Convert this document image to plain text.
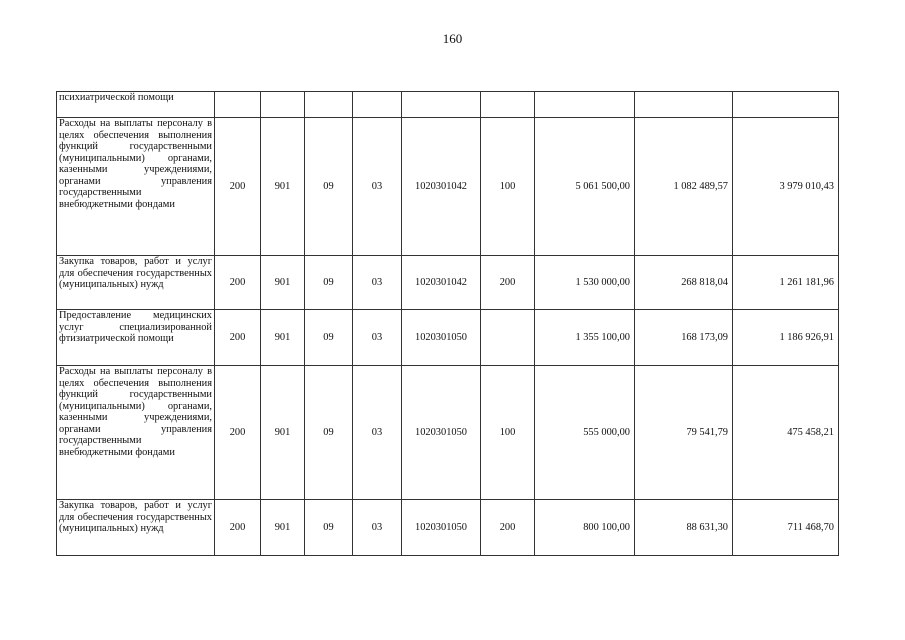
160
психиатрической помощи									
Расходы на выплаты персоналу в целях обеспечения выполнения функций государственными (муниципальными) органами, казенными учреждениями, органами управления государственными внебюджетными фондами	200	901	09	03	1020301042	100	5 061 500,00	1 082 489,57	3 979 010,43
Закупка товаров, работ и услуг для обеспечения государственных (муниципальных) нужд	200	901	09	03	1020301042	200	1 530 000,00	268 818,04	1 261 181,96
Предоставление медицинских услуг специализированной фтизиатрической помощи	200	901	09	03	1020301050		1 355 100,00	168 173,09	1 186 926,91
Расходы на выплаты персоналу в целях обеспечения выполнения функций государственными (муниципальными) органами, казенными учреждениями, органами управления государственными внебюджетными фондами	200	901	09	03	1020301050	100	555 000,00	79 541,79	475 458,21
Закупка товаров, работ и услуг для обеспечения государственных (муниципальных) нужд	200	901	09	03	1020301050	200	800 100,00	88 631,30	711 468,70
